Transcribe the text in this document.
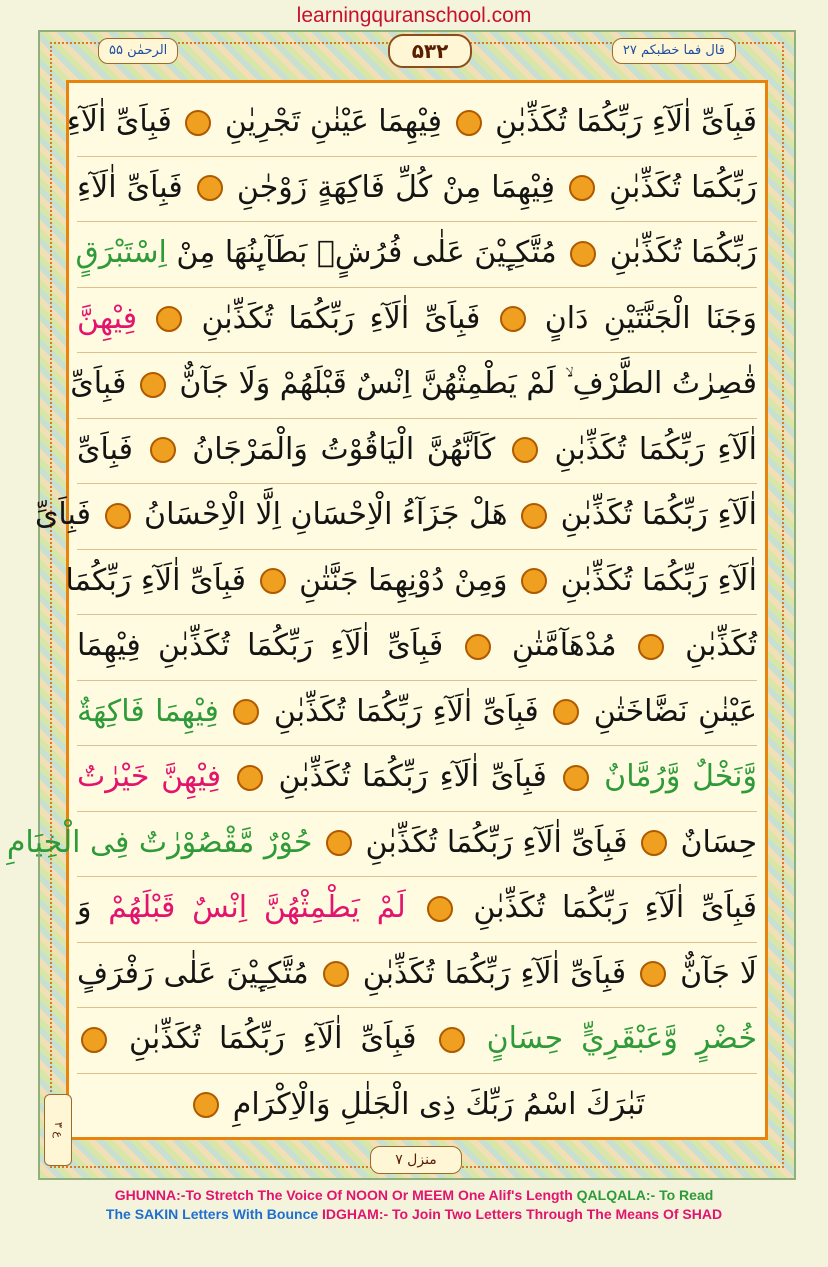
learningquranschool.com
الرحمٰن ۵۵	۵۳۲	قال فما خطبكم ۲۷
فَبِاَیِّ اٰلَآءِ رَبِّكُمَا تُكَذِّبٰنِ  فِيْهِمَا عَيْنٰنِ تَجْرِيٰنِ  فَبِاَیِّ اٰلَآءِ
رَبِّكُمَا تُكَذِّبٰنِ  فِيْهِمَا مِنْ كُلِّ فَاكِهَةٍ زَوْجٰنِ  فَبِاَیِّ اٰلَآءِ
رَبِّكُمَا تُكَذِّبٰنِ  مُتَّكِـِٕيْنَ عَلٰى فُرُشٍۢ بَطَآىِٕنُهَا مِنْ اِسْتَبْرَقٍ
وَجَنَا الْجَنَّتَيْنِ دَانٍ  فَبِاَیِّ اٰلَآءِ رَبِّكُمَا تُكَذِّبٰنِ  فِيْهِنَّ
قٰصِرٰتُ الطَّرْفِ ۙ لَمْ يَطْمِثْهُنَّ اِنْسٌ قَبْلَهُمْ وَلَا جَآنٌّ  فَبِاَیِّ
اٰلَآءِ رَبِّكُمَا تُكَذِّبٰنِ  كَاَنَّهُنَّ الْيَاقُوْتُ وَالْمَرْجَانُ  فَبِاَیِّ
اٰلَآءِ رَبِّكُمَا تُكَذِّبٰنِ  هَلْ جَزَآءُ الْاِحْسَانِ اِلَّا الْاِحْسَانُ  فَبِاَیِّ
اٰلَآءِ رَبِّكُمَا تُكَذِّبٰنِ  وَمِنْ دُوْنِهِمَا جَنَّتٰنِ  فَبِاَیِّ اٰلَآءِ رَبِّكُمَا
تُكَذِّبٰنِ  مُدْهَآمَّتٰنِ  فَبِاَیِّ اٰلَآءِ رَبِّكُمَا تُكَذِّبٰنِ فِيْهِمَا
عَيْنٰنِ نَضَّاخَتٰنِ  فَبِاَیِّ اٰلَآءِ رَبِّكُمَا تُكَذِّبٰنِ  فِيْهِمَا فَاكِهَةٌ
وَّنَخْلٌ وَّرُمَّانٌ  فَبِاَیِّ اٰلَآءِ رَبِّكُمَا تُكَذِّبٰنِ  فِيْهِنَّ خَيْرٰتٌ
حِسَانٌ  فَبِاَیِّ اٰلَآءِ رَبِّكُمَا تُكَذِّبٰنِ  حُوْرٌ مَّقْصُوْرٰتٌ فِى الْخِيَامِ
فَبِاَیِّ اٰلَآءِ رَبِّكُمَا تُكَذِّبٰنِ  لَمْ يَطْمِثْهُنَّ اِنْسٌ قَبْلَهُمْ وَ
لَا جَآنٌّ  فَبِاَیِّ اٰلَآءِ رَبِّكُمَا تُكَذِّبٰنِ  مُتَّكِـِٕيْنَ عَلٰى رَفْرَفٍ
خُضْرٍ وَّعَبْقَرِيٍّ حِسَانٍ  فَبِاَیِّ اٰلَآءِ رَبِّكُمَا تُكَذِّبٰنِ
تَبٰرَكَ اسْمُ رَبِّكَ ذِى الْجَلٰلِ وَالْاِكْرَامِ
ع ۳
منزل ۷
GHUNNA:-To Stretch The Voice Of NOON Or MEEM One Alif's Length QALQALA:- To Read
The SAKIN Letters With Bounce IDGHAM:- To Join Two Letters Through The Means Of SHAD
